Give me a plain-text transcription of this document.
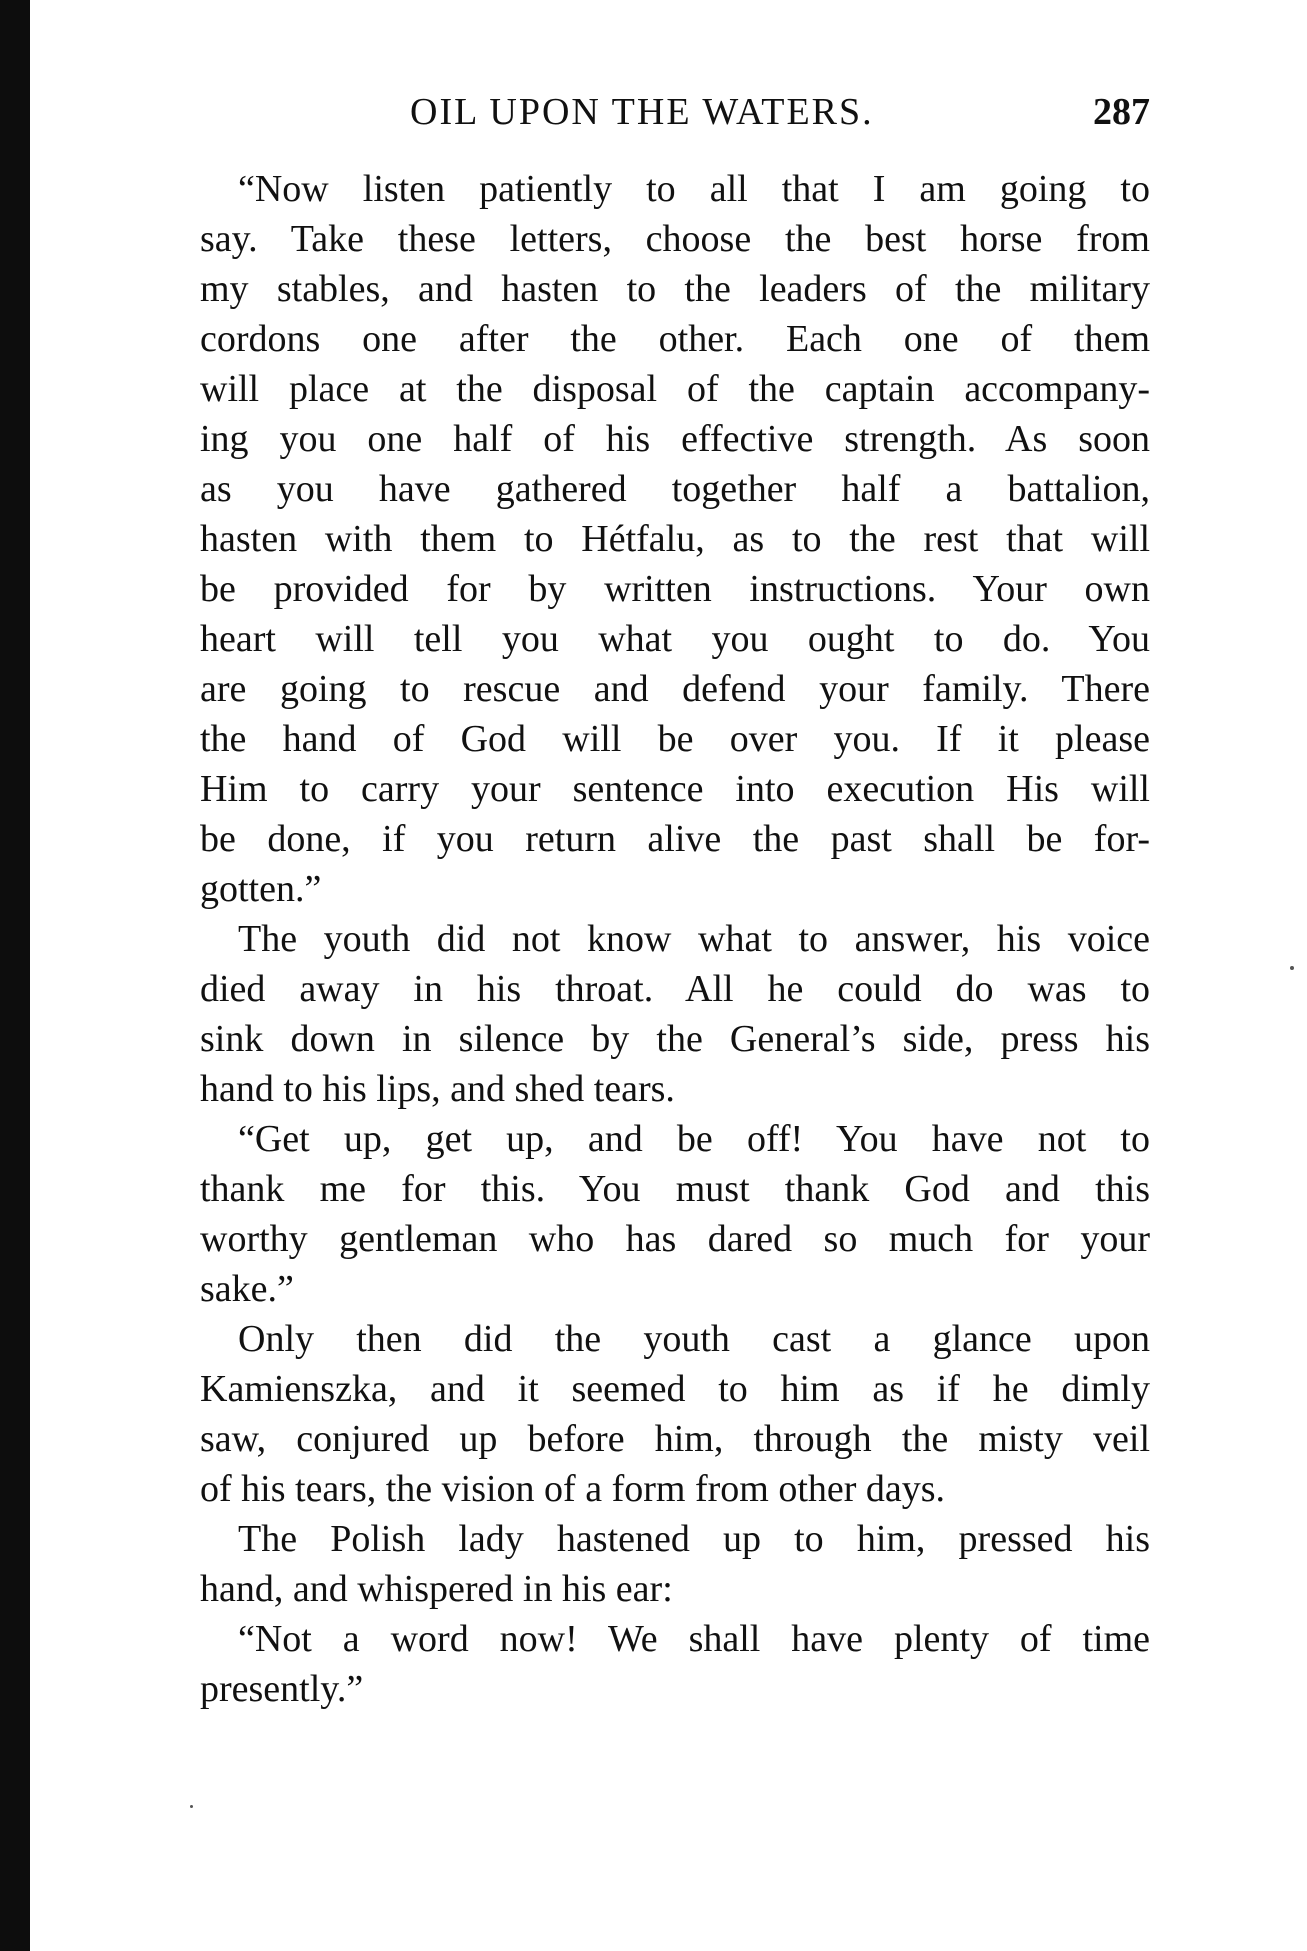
OIL UPON THE WATERS.	287

“Now listen patiently to all that I am going to
say. Take these letters, choose the best horse from
my stables, and hasten to the leaders of the military
cordons one after the other. Each one of them
will place at the disposal of the captain accompany-
ing you one half of his effective strength. As soon
as you have gathered together half a battalion,
hasten with them to Hétfalu, as to the rest that will
be provided for by written instructions. Your own
heart will tell you what you ought to do. You
are going to rescue and defend your family. There
the hand of God will be over you. If it please
Him to carry your sentence into execution His will
be done, if you return alive the past shall be for-
gotten.”

The youth did not know what to answer, his voice
died away in his throat. All he could do was to
sink down in silence by the General’s side, press his
hand to his lips, and shed tears.

“Get up, get up, and be off! You have not to
thank me for this. You must thank God and this
worthy gentleman who has dared so much for your
sake.”

Only then did the youth cast a glance upon
Kamienszka, and it seemed to him as if he dimly
saw, conjured up before him, through the misty veil
of his tears, the vision of a form from other days.

The Polish lady hastened up to him, pressed his
hand, and whispered in his ear:

“Not a word now! We shall have plenty of time
presently.”
